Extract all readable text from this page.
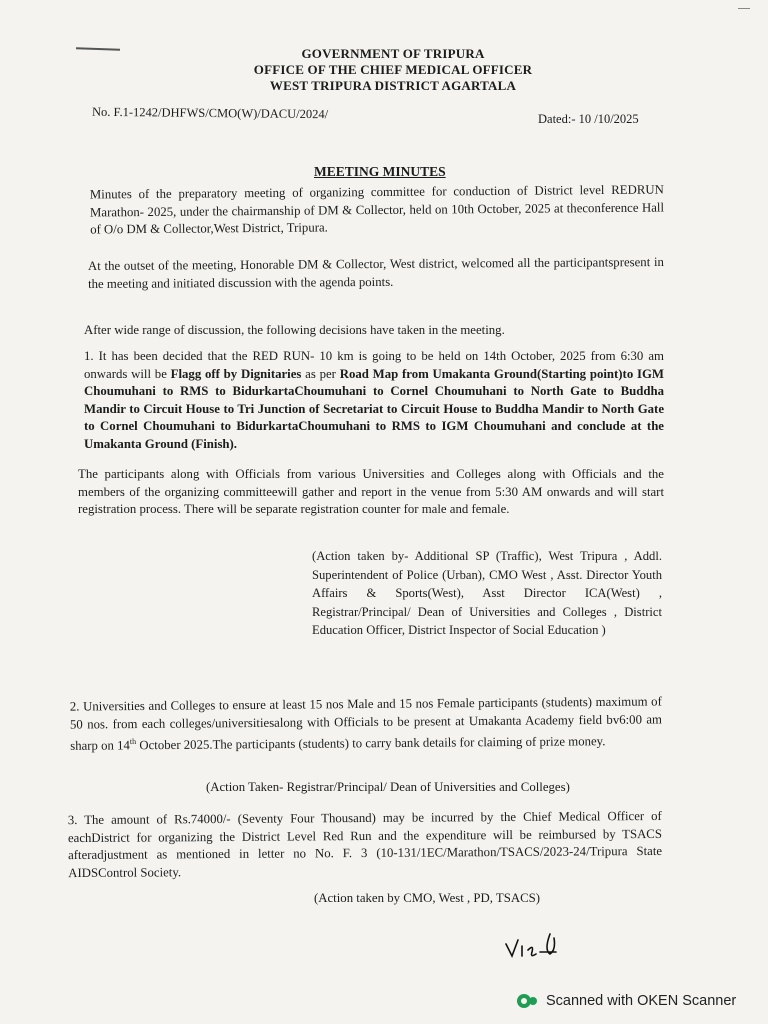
GOVERNMENT OF TRIPURA
OFFICE OF THE CHIEF MEDICAL OFFICER
WEST TRIPURA DISTRICT AGARTALA
No. F.1-1242/DHFWS/CMO(W)/DACU/2024/	Dated:- 10 /10/2025
MEETING MINUTES
Minutes of the preparatory meeting of organizing committee for conduction of District level REDRUN Marathon- 2025, under the chairmanship of DM & Collector, held on 10th October, 2025 at theconference Hall of O/o DM & Collector,West District, Tripura.
At the outset of the meeting, Honorable DM & Collector, West district, welcomed all the participantspresent in the meeting and initiated discussion with the agenda points.
After wide range of discussion, the following decisions have taken in the meeting.
1. It has been decided that the RED RUN- 10 km is going to be held on 14th October, 2025 from 6:30 am onwards will be Flagg off by Dignitaries as per Road Map from Umakanta Ground(Starting point)to IGM Choumuhani to RMS to BidurkartaChoumuhani to Cornel Choumuhani to North Gate to Buddha Mandir to Circuit House to Tri Junction of Secretariat to Circuit House to Buddha Mandir to North Gate to Cornel Choumuhani to BidurkartaChoumuhani to RMS to IGM Choumuhani and conclude at the Umakanta Ground (Finish).
The participants along with Officials from various Universities and Colleges along with Officials and the members of the organizing committeewill gather and report in the venue from 5:30 AM onwards and will start registration process. There will be separate registration counter for male and female.
(Action taken by- Additional SP (Traffic), West Tripura , Addl. Superintendent of Police (Urban), CMO West , Asst. Director Youth Affairs & Sports(West), Asst Director ICA(West) , Registrar/Principal/ Dean of Universities and Colleges , District Education Officer, District Inspector of Social Education )
2. Universities and Colleges to ensure at least 15 nos Male and 15 nos Female participants (students) maximum of 50 nos. from each colleges/universitiesalong with Officials to be present at Umakanta Academy field bv6:00 am sharp on 14th October 2025.The participants (students) to carry bank details for claiming of prize money.
(Action Taken- Registrar/Principal/ Dean of Universities and Colleges)
3. The amount of Rs.74000/- (Seventy Four Thousand) may be incurred by the Chief Medical Officer of eachDistrict for organizing the District Level Red Run and the expenditure will be reimbursed by TSACS afteradjustment as mentioned in letter no No. F. 3 (10-131/1EC/Marathon/TSACS/2023-24/Tripura State AIDSControl Society.
(Action taken by CMO, West , PD, TSACS)
Scanned with OKEN Scanner
